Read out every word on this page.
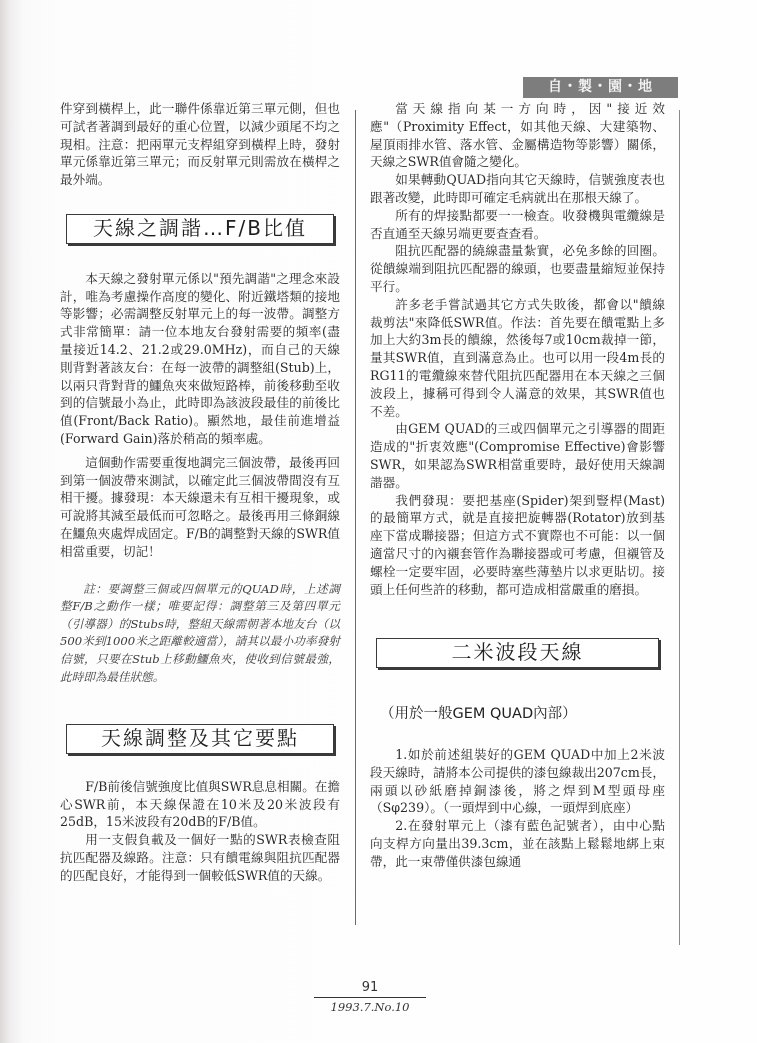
自・製・園・地

件穿到橫桿上，此一聯件係靠近第三單元側，但也可試者著調到最好的重心位置，以減少頭尾不均之現相。注意：把兩單元支桿組穿到橫桿上時，發射單元係靠近第三單元；而反射單元則需放在橫桿之最外端。

天線之調諧…F/B比值

本天線之發射單元係以"預先調諧"之理念來設計，唯為考慮操作高度的變化、附近鐵塔類的接地等影響；必需調整反射單元上的每一波帶。調整方式非常簡單：請一位本地友台發射需要的頻率(盡量接近14.2、21.2或29.0MHz)，而自己的天線則背對著該友台：在每一波帶的調整組(Stub)上，以兩只背對背的鱷魚夾來做短路棒，前後移動至收到的信號最小為止，此時即為該波段最佳的前後比值(Front/Back Ratio)。顯然地，最佳前進增益(Forward Gain)落於稍高的頻率處。

這個動作需要重復地調完三個波帶，最後再回到第一個波帶來測試，以確定此三個波帶間沒有互相干擾。據發現：本天線還未有互相干擾現象，或可說將其減至最低而可忽略之。最後再用三條銅線在鱷魚夾處焊成固定。F/B的調整對天線的SWR值相當重要，切記！

註：要調整三個或四個單元的QUAD時，上述調整F/B之動作一樣；唯要記得：調整第三及第四單元（引導器）的Stubs時，整組天線需朝著本地友台（以500米到1000米之距離較適當），請其以最小功率發射信號，只要在Stub上移動鱷魚夾，使收到信號最強，此時即為最佳狀態。

天線調整及其它要點

F/B前後信號強度比值與SWR息息相關。在擔心SWR前，本天線保證在10米及20米波段有25dB，15米波段有20dB的F/B值。

用一支假負載及一個好一點的SWR表檢查阻抗匹配器及線路。注意：只有饋電線與阻抗匹配器的匹配良好，才能得到一個較低SWR值的天線。

當天線指向某一方向時，因"接近效應"（Proximity Effect，如其他天線、大建築物、屋頂雨排水管、落水管、金屬構造物等影響）關係，天線之SWR值會隨之變化。

如果轉動QUAD指向其它天線時，信號強度表也跟著改變，此時即可確定毛病就出在那根天線了。

所有的焊接點都要一一檢查。收發機與電纜線是否直通至天線另端更要查查看。

阻抗匹配器的繞線盡量紮實，必免多餘的回圈。從饋線端到阻抗匹配器的線頭，也要盡量縮短並保持平行。

許多老手嘗試過其它方式失敗後，都會以"饋線裁剪法"來降低SWR值。作法：首先要在饋電點上多加上大約3m長的饋線，然後每7或10cm裁掉一節，量其SWR值，直到滿意為止。也可以用一段4m長的RG11的電纜線來替代阻抗匹配器用在本天線之三個波段上，據稱可得到令人滿意的效果，其SWR值也不差。

由GEM QUAD的三或四個單元之引導器的間距造成的"折衷效應"(Compromise Effective)會影響SWR，如果認為SWR相當重要時，最好使用天線調諧器。

我們發現：要把基座(Spider)架到豎桿(Mast)的最簡單方式，就是直接把旋轉器(Rotator)放到基座下當成聯接器；但這方式不實際也不可能：以一個適當尺寸的內襯套管作為聯接器或可考慮，但襯管及螺栓一定要牢固，必要時塞些薄墊片以求更貼切。接頭上任何些許的移動，都可造成相當嚴重的磨損。

二米波段天線

（用於一般GEM QUAD內部）

1.如於前述組裝好的GEM QUAD中加上2米波段天線時，請將本公司提供的漆包線裁出207cm長，兩頭以砂紙磨掉銅漆後，將之焊到M型頭母座（Sφ239）。（一頭焊到中心線，一頭焊到底座）

2.在發射單元上（漆有藍色記號者），由中心點向支桿方向量出39.3cm，並在該點上鬆鬆地綁上束帶，此一束帶僅供漆包線通

91
1993.7.No.10
